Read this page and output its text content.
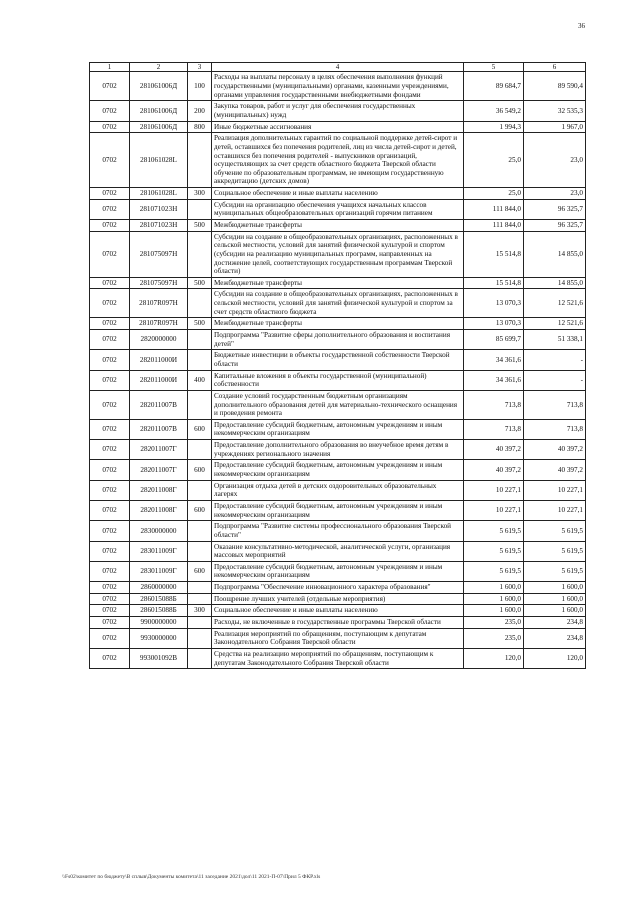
36
1	2	3	4	5	6
0702	281061006Д	100	Расходы на выплаты персоналу в целях обеспечения выполнения функций государственными (муниципальными) органами, казенными учреждениями, органами управления государственными внебюджетными фондами	89 684,7	89 590,4
0702	281061006Д	200	Закупка товаров, работ и услуг для обеспечения государственных (муниципальных) нужд	36 549,2	32 535,3
0702	281061006Д	800	Иные бюджетные ассигнования	1 994,3	1 967,0
0702	281061028L		Реализация дополнительных гарантий по социальной поддержке детей-сирот и детей, оставшихся без попечения родителей, лиц из числа детей-сирот и детей, оставшихся без попечения родителей - выпускников организаций, осуществляющих за счет средств областного бюджета Тверской области обучение по образовательным программам, не имеющим государственную аккредитацию (детских домов)	25,0	23,0
0702	281061028L	300	Социальное обеспечение и иные выплаты населению	25,0	23,0
0702	281071023Н		Субсидии на организацию обеспечения учащихся начальных классов муниципальных общеобразовательных организаций горячим питанием	111 844,0	96 325,7
0702	281071023Н	500	Межбюджетные трансферты	111 844,0	96 325,7
0702	281075097Н		Субсидии на создание в общеобразовательных организациях, расположенных в сельской местности, условий для занятий физической культурой и спортом (субсидии на реализацию муниципальных программ, направленных на достижение целей, соответствующих государственным программам Тверской области)	15 514,8	14 855,0
0702	281075097Н	500	Межбюджетные трансферты	15 514,8	14 855,0
0702	28107R097Н		Субсидии на создание в общеобразовательных организациях, расположенных в сельской местности, условий для занятий физической культурой и спортом за счет средств областного бюджета	13 070,3	12 521,6
0702	28107R097Н	500	Межбюджетные трансферты	13 070,3	12 521,6
0702	2820000000		Подпрограмма "Развитие сферы дополнительного образования и воспитания детей"	85 699,7	51 338,1
0702	282011000И		Бюджетные инвестиции в объекты государственной собственности Тверской области	34 361,6	-
0702	282011000И	400	Капитальные вложения в объекты государственной (муниципальной) собственности	34 361,6	-
0702	282011007В		Создание условий государственным бюджетным организациям дополнительного образования детей для материально-технического оснащения и проведения ремонта	713,8	713,8
0702	282011007В	600	Предоставление субсидий бюджетным, автономным учреждениям и иным некоммерческим организациям	713,8	713,8
0702	282011007Г		Предоставление дополнительного образования во внеучебное время детям в учреждениях регионального значения	40 397,2	40 397,2
0702	282011007Г	600	Предоставление субсидий бюджетным, автономным учреждениям и иным некоммерческим организациям	40 397,2	40 397,2
0702	282011008Г		Организация отдыха детей в детских оздоровительных образовательных лагерях	10 227,1	10 227,1
0702	282011008Г	600	Предоставление субсидий бюджетным, автономным учреждениям и иным некоммерческим организациям	10 227,1	10 227,1
0702	2830000000		Подпрограмма "Развитие системы профессионального образования Тверской области"	5 619,5	5 619,5
0702	283011009Г		Оказание консультативно-методической, аналитической услуги, организация массовых мероприятий	5 619,5	5 619,5
0702	283011009Г	600	Предоставление субсидий бюджетным, автономным учреждениям и иным некоммерческим организациям	5 619,5	5 619,5
0702	2860000000		Подпрограмма "Обеспечение инновационного характера образования"	1 600,0	1 600,0
0702	286015088Б		Поощрение лучших учителей (отдельные мероприятия)	1 600,0	1 600,0
0702	286015088Б	300	Социальное обеспечение и иные выплаты населению	1 600,0	1 600,0
0702	9900000000		Расходы, не включенные в государственные программы Тверской области	235,0	234,8
0702	9930000000		Реализация мероприятий по обращениям, поступающим к депутатам Законодательного Собрания Тверской области	235,0	234,8
0702	993001092В		Средства на реализацию мероприятий по обращениям, поступающим к депутатам Законодательного Собрания Тверской области	120,0	120,0
\\Fs02\комитет по бюджету\В сплыв\Документы комитета\11 заседание 2021\дол\11 2021-П-07\Прил 5 ФКР.xls
